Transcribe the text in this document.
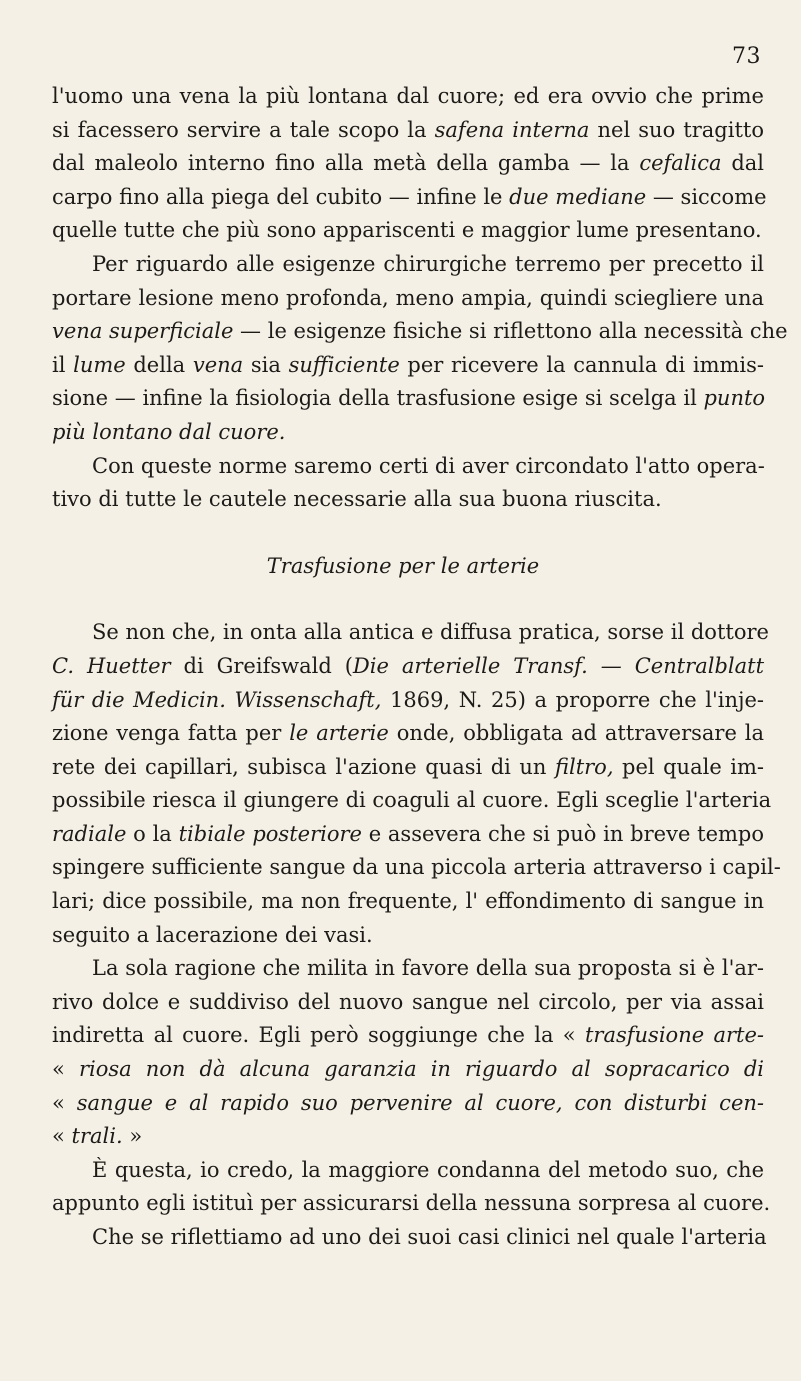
73
l'uomo una vena la più lontana dal cuore; ed era ovvio che prime
si facessero servire a tale scopo la safena interna nel suo tragitto
dal maleolo interno fino alla metà della gamba — la cefalica dal
carpo fino alla piega del cubito — infine le due mediane — siccome
quelle tutte che più sono appariscenti e maggior lume presentano.
Per riguardo alle esigenze chirurgiche terremo per precetto il
portare lesione meno profonda, meno ampia, quindi sciegliere una
vena superficiale — le esigenze fisiche si riflettono alla necessità che
il lume della vena sia sufficiente per ricevere la cannula di immis-
sione — infine la fisiologia della trasfusione esige si scelga il punto
più lontano dal cuore.
Con queste norme saremo certi di aver circondato l'atto opera-
tivo di tutte le cautele necessarie alla sua buona riuscita.
Trasfusione per le arterie
Se non che, in onta alla antica e diffusa pratica, sorse il dottore
C. Huetter di Greifswald (Die arterielle Transf. — Centralblatt
für die Medicin. Wissenschaft, 1869, N. 25) a proporre che l'inje-
zione venga fatta per le arterie onde, obbligata ad attraversare la
rete dei capillari, subisca l'azione quasi di un filtro, pel quale im-
possibile riesca il giungere di coaguli al cuore. Egli sceglie l'arteria
radiale o la tibiale posteriore e assevera che si può in breve tempo
spingere sufficiente sangue da una piccola arteria attraverso i capil-
lari; dice possibile, ma non frequente, l' effondimento di sangue in
seguito a lacerazione dei vasi.
La sola ragione che milita in favore della sua proposta si è l'ar-
rivo dolce e suddiviso del nuovo sangue nel circolo, per via assai
indiretta al cuore. Egli però soggiunge che la « trasfusione arte-
« riosa non dà alcuna garanzia in riguardo al sopracarico di
« sangue e al rapido suo pervenire al cuore, con disturbi cen-
« trali. »
È questa, io credo, la maggiore condanna del metodo suo, che
appunto egli istituì per assicurarsi della nessuna sorpresa al cuore.
Che se riflettiamo ad uno dei suoi casi clinici nel quale l'arteria
